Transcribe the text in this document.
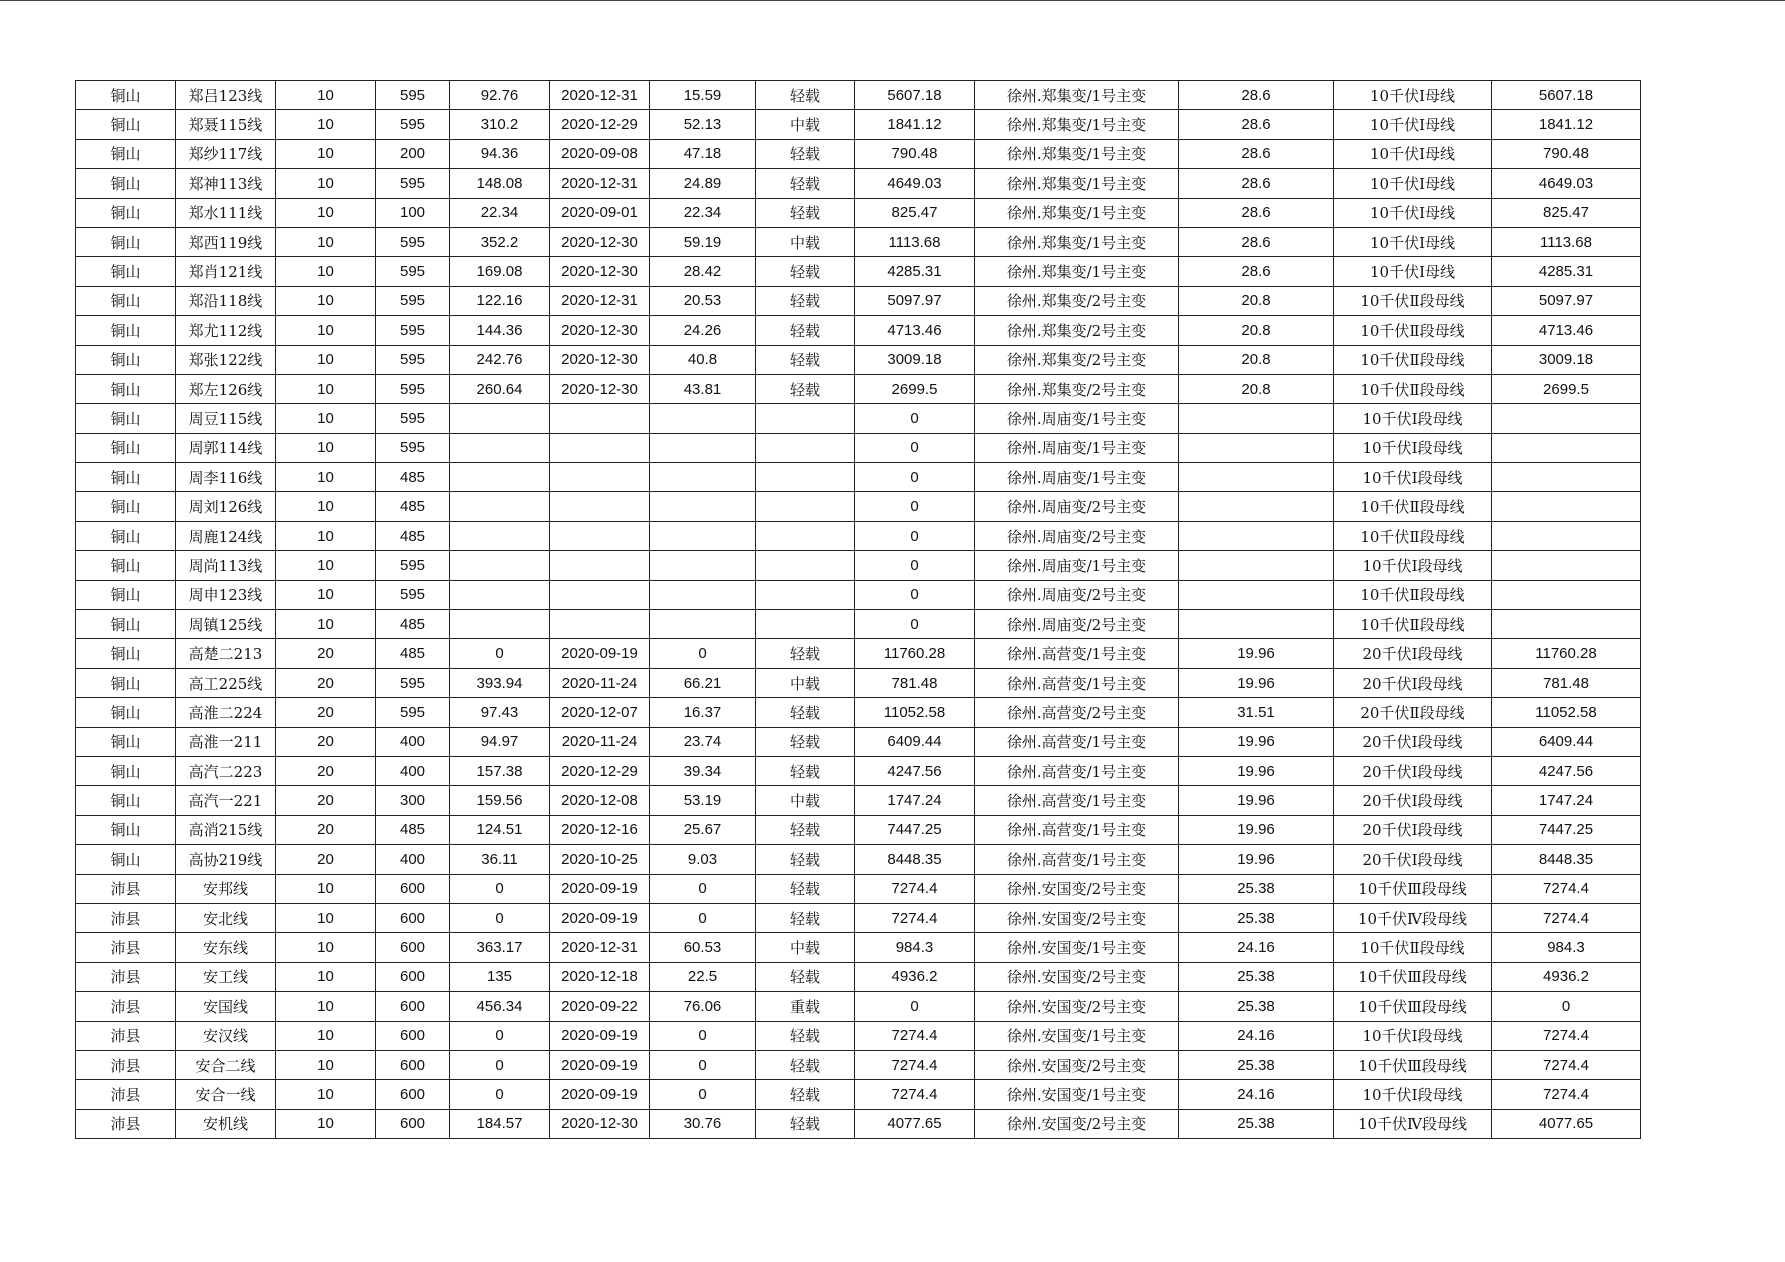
铜山	郑吕123线	10	595	92.76	2020-12-31	15.59	轻载	5607.18	徐州.郑集变/1号主变	28.6	10千伏Ⅰ母线	5607.18
铜山	郑聂115线	10	595	310.2	2020-12-29	52.13	中载	1841.12	徐州.郑集变/1号主变	28.6	10千伏Ⅰ母线	1841.12
铜山	郑纱117线	10	200	94.36	2020-09-08	47.18	轻载	790.48	徐州.郑集变/1号主变	28.6	10千伏Ⅰ母线	790.48
铜山	郑神113线	10	595	148.08	2020-12-31	24.89	轻载	4649.03	徐州.郑集变/1号主变	28.6	10千伏Ⅰ母线	4649.03
铜山	郑水111线	10	100	22.34	2020-09-01	22.34	轻载	825.47	徐州.郑集变/1号主变	28.6	10千伏Ⅰ母线	825.47
铜山	郑西119线	10	595	352.2	2020-12-30	59.19	中载	1113.68	徐州.郑集变/1号主变	28.6	10千伏Ⅰ母线	1113.68
铜山	郑肖121线	10	595	169.08	2020-12-30	28.42	轻载	4285.31	徐州.郑集变/1号主变	28.6	10千伏Ⅰ母线	4285.31
铜山	郑沿118线	10	595	122.16	2020-12-31	20.53	轻载	5097.97	徐州.郑集变/2号主变	20.8	10千伏Ⅱ段母线	5097.97
铜山	郑尤112线	10	595	144.36	2020-12-30	24.26	轻载	4713.46	徐州.郑集变/2号主变	20.8	10千伏Ⅱ段母线	4713.46
铜山	郑张122线	10	595	242.76	2020-12-30	40.8	轻载	3009.18	徐州.郑集变/2号主变	20.8	10千伏Ⅱ段母线	3009.18
铜山	郑左126线	10	595	260.64	2020-12-30	43.81	轻载	2699.5	徐州.郑集变/2号主变	20.8	10千伏Ⅱ段母线	2699.5
铜山	周豆115线	10	595					0	徐州.周庙变/1号主变		10千伏Ⅰ段母线	
铜山	周郭114线	10	595					0	徐州.周庙变/1号主变		10千伏Ⅰ段母线	
铜山	周李116线	10	485					0	徐州.周庙变/1号主变		10千伏Ⅰ段母线	
铜山	周刘126线	10	485					0	徐州.周庙变/2号主变		10千伏Ⅱ段母线	
铜山	周鹿124线	10	485					0	徐州.周庙变/2号主变		10千伏Ⅱ段母线	
铜山	周尚113线	10	595					0	徐州.周庙变/1号主变		10千伏Ⅰ段母线	
铜山	周申123线	10	595					0	徐州.周庙变/2号主变		10千伏Ⅱ段母线	
铜山	周镇125线	10	485					0	徐州.周庙变/2号主变		10千伏Ⅱ段母线	
铜山	高楚二213	20	485	0	2020-09-19	0	轻载	11760.28	徐州.高营变/1号主变	19.96	20千伏Ⅰ段母线	11760.28
铜山	高工225线	20	595	393.94	2020-11-24	66.21	中载	781.48	徐州.高营变/1号主变	19.96	20千伏Ⅰ段母线	781.48
铜山	高淮二224	20	595	97.43	2020-12-07	16.37	轻载	11052.58	徐州.高营变/2号主变	31.51	20千伏Ⅱ段母线	11052.58
铜山	高淮一211	20	400	94.97	2020-11-24	23.74	轻载	6409.44	徐州.高营变/1号主变	19.96	20千伏Ⅰ段母线	6409.44
铜山	高汽二223	20	400	157.38	2020-12-29	39.34	轻载	4247.56	徐州.高营变/1号主变	19.96	20千伏Ⅰ段母线	4247.56
铜山	高汽一221	20	300	159.56	2020-12-08	53.19	中载	1747.24	徐州.高营变/1号主变	19.96	20千伏Ⅰ段母线	1747.24
铜山	高消215线	20	485	124.51	2020-12-16	25.67	轻载	7447.25	徐州.高营变/1号主变	19.96	20千伏Ⅰ段母线	7447.25
铜山	高协219线	20	400	36.11	2020-10-25	9.03	轻载	8448.35	徐州.高营变/1号主变	19.96	20千伏Ⅰ段母线	8448.35
沛县	安邦线	10	600	0	2020-09-19	0	轻载	7274.4	徐州.安国变/2号主变	25.38	10千伏Ⅲ段母线	7274.4
沛县	安北线	10	600	0	2020-09-19	0	轻载	7274.4	徐州.安国变/2号主变	25.38	10千伏Ⅳ段母线	7274.4
沛县	安东线	10	600	363.17	2020-12-31	60.53	中载	984.3	徐州.安国变/1号主变	24.16	10千伏Ⅱ段母线	984.3
沛县	安工线	10	600	135	2020-12-18	22.5	轻载	4936.2	徐州.安国变/2号主变	25.38	10千伏Ⅲ段母线	4936.2
沛县	安国线	10	600	456.34	2020-09-22	76.06	重载	0	徐州.安国变/2号主变	25.38	10千伏Ⅲ段母线	0
沛县	安汉线	10	600	0	2020-09-19	0	轻载	7274.4	徐州.安国变/1号主变	24.16	10千伏Ⅰ段母线	7274.4
沛县	安合二线	10	600	0	2020-09-19	0	轻载	7274.4	徐州.安国变/2号主变	25.38	10千伏Ⅲ段母线	7274.4
沛县	安合一线	10	600	0	2020-09-19	0	轻载	7274.4	徐州.安国变/1号主变	24.16	10千伏Ⅰ段母线	7274.4
沛县	安机线	10	600	184.57	2020-12-30	30.76	轻载	4077.65	徐州.安国变/2号主变	25.38	10千伏Ⅳ段母线	4077.65
